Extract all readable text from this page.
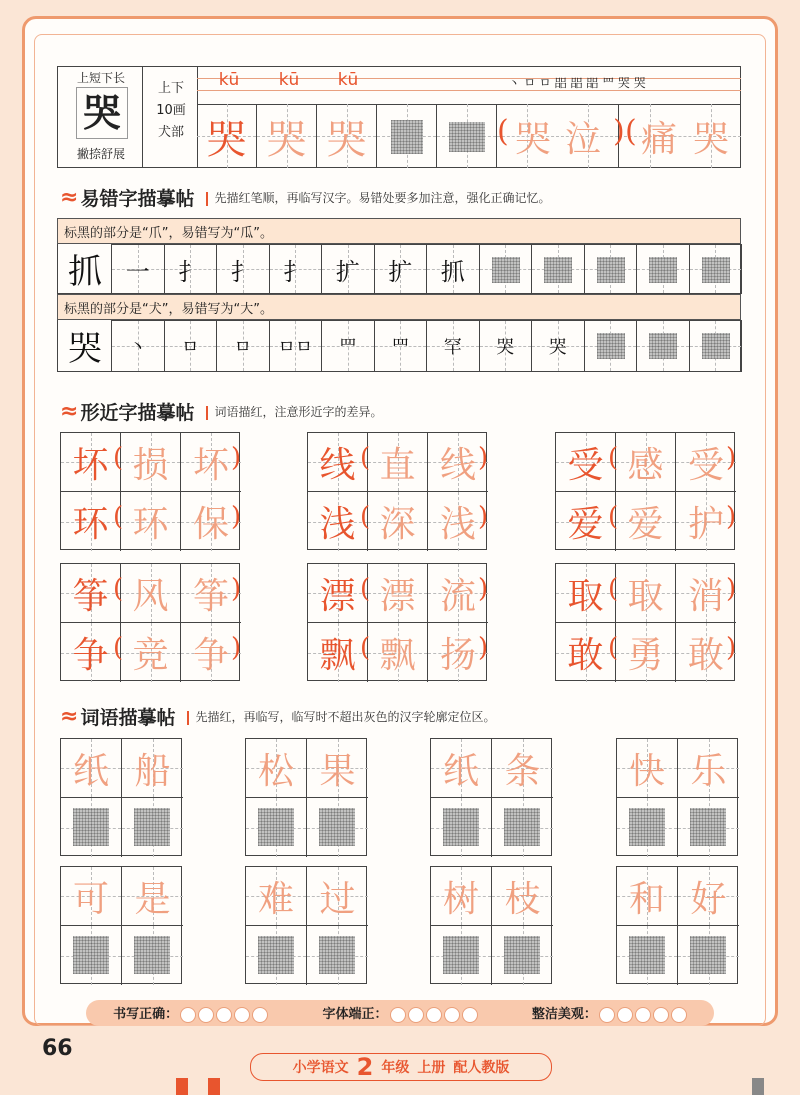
上短下长
哭
撇捺舒展
上下
10画
犬部
kū	kū	kū	丶 ㅁ ㅁ 㗊 㗊 㗊 罒 哭 哭
哭 哭 哭	( 哭 泣 ) ( 痛 哭
≈ 易错字描摹帖	先描红笔顺，再临写汉字。易错处要多加注意，强化正确记忆。
标黑的部分是“爪”，易错写为“瓜”。
抓
标黑的部分是“犬”，易错写为“大”。
哭
一	扌	扌	扌	扩	扩	抓
丶	ㅁ	ㅁ	ㅁㅁ	罒	罒	罕	哭	哭
≈ 形近字描摹帖	词语描红，注意形近字的差异。
坏 损 坏
(	)
环 环 保
(	)
线 直 线
(	)
浅 深 浅
(	)
受 感 受
(	)
爱 爱 护
(	)
筝 风 筝
(	)
争 竞 争
(	)
漂 漂 流
(	)
飘 飘 扬
(	)
取 取 消
(	)
敢 勇 敢
(	)
≈ 词语描摹帖	先描红，再临写，临写时不超出灰色的汉字轮廓定位区。
纸 船	松 果	纸 条	快 乐
可 是	难 过	树 枝	和 好
书写正确：	字体端正：	整洁美观：
66
小学语文 2 年级 上册 配人教版
